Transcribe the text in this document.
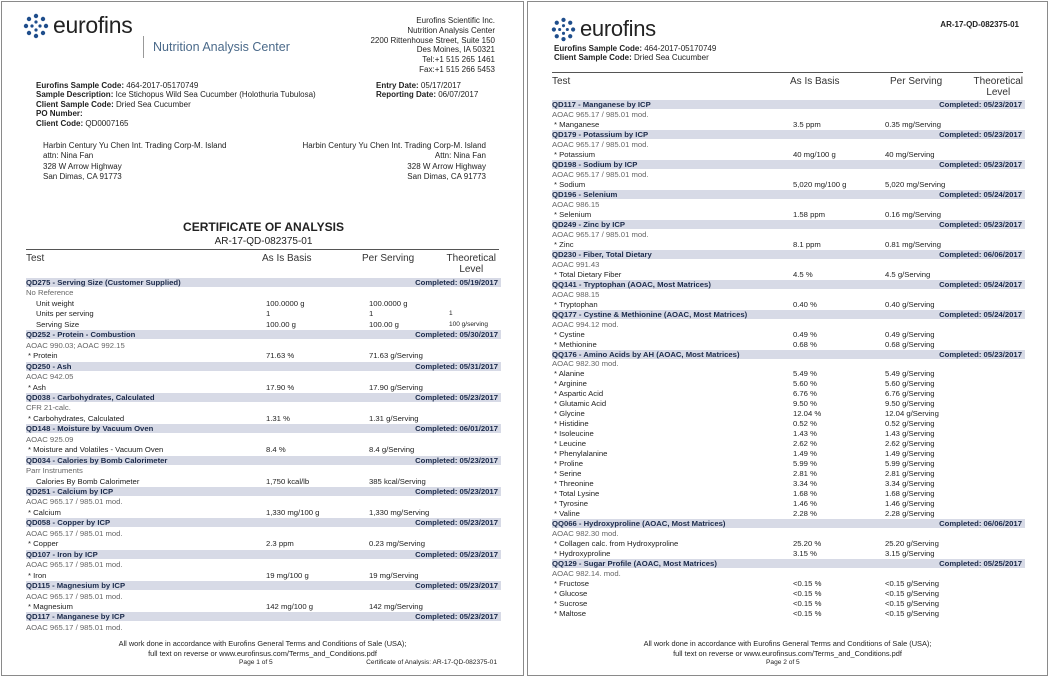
eurofins
Nutrition Analysis Center
Eurofins Scientific Inc.
Nutrition Analysis Center
2200 Rittenhouse Street, Suite 150
Des Moines, IA 50321
Tel:+1 515 265 1461
Fax:+1 515 266 5453
Eurofins Sample Code: 464-2017-05170749
Sample Description: Ice Stichopus Wild Sea Cucumber (Holothuria Tubulosa)
Client Sample Code: Dried Sea Cucumber
PO Number:
Client Code: QD0007165
Entry Date: 05/17/2017
Reporting Date: 06/07/2017
Harbin Century Yu Chen Int. Trading Corp-M. Island
attn: Nina Fan
328 W Arrow Highway
San Dimas, CA 91773
Harbin Century Yu Chen Int. Trading Corp-M. Island
Attn: Nina Fan
328 W Arrow Highway
San Dimas, CA 91773
CERTIFICATE OF ANALYSIS
AR-17-QD-082375-01
Test	As Is Basis	Per Serving	Theoretical
Level
QD275 - Serving Size (Customer Supplied)	Completed: 05/19/2017
No Reference
Unit weight	100.0000 g	100.0000 g
Units per serving	1	1	1
Serving Size	100.00 g	100.00 g	100 g/serving
QD252 - Protein - Combustion	Completed: 05/30/2017
AOAC 990.03; AOAC 992.15
* Protein	71.63 %	71.63 g/Serving
QD250 - Ash	Completed: 05/31/2017
AOAC 942.05
* Ash	17.90 %	17.90 g/Serving
QD038 - Carbohydrates, Calculated	Completed: 05/23/2017
CFR 21-calc.
* Carbohydrates, Calculated	1.31 %	1.31 g/Serving
QD148 - Moisture by Vacuum Oven	Completed: 06/01/2017
AOAC 925.09
* Moisture and Volatiles - Vacuum Oven	8.4 %	8.4 g/Serving
QD034 - Calories by Bomb Calorimeter	Completed: 05/23/2017
Parr Instruments
Calories By Bomb Calorimeter	1,750 kcal/lb	385 kcal/Serving
QD251 - Calcium by ICP	Completed: 05/23/2017
AOAC 965.17 / 985.01 mod.
* Calcium	1,330 mg/100 g	1,330 mg/Serving
QD058 - Copper by ICP	Completed: 05/23/2017
AOAC 965.17 / 985.01 mod.
* Copper	2.3 ppm	0.23 mg/Serving
QD107 - Iron by ICP	Completed: 05/23/2017
AOAC 965.17 / 985.01 mod.
* Iron	19 mg/100 g	19 mg/Serving
QD115 - Magnesium by ICP	Completed: 05/23/2017
AOAC 965.17 / 985.01 mod.
* Magnesium	142 mg/100 g	142 mg/Serving
QD117 - Manganese by ICP	Completed: 05/23/2017
AOAC 965.17 / 985.01 mod.
All work done in accordance with Eurofins General Terms and Conditions of Sale (USA);
full text on reverse or www.eurofinsus.com/Terms_and_Conditions.pdf
Page 1 of 5	Certificate of Analysis: AR-17-QD-082375-01
eurofins	AR-17-QD-082375-01
Eurofins Sample Code: 464-2017-05170749
Client Sample Code: Dried Sea Cucumber
Test	As Is Basis	Per Serving	Theoretical
Level
QD117 - Manganese by ICP	Completed: 05/23/2017
AOAC 965.17 / 985.01 mod.
* Manganese	3.5 ppm	0.35 mg/Serving
QD179 - Potassium by ICP	Completed: 05/23/2017
AOAC 965.17 / 985.01 mod.
* Potassium	40 mg/100 g	40 mg/Serving
QD198 - Sodium by ICP	Completed: 05/23/2017
AOAC 965.17 / 985.01 mod.
* Sodium	5,020 mg/100 g	5,020 mg/Serving
QD196 - Selenium	Completed: 05/24/2017
AOAC 986.15
* Selenium	1.58 ppm	0.16 mg/Serving
QD249 - Zinc by ICP	Completed: 05/23/2017
AOAC 965.17 / 985.01 mod.
* Zinc	8.1 ppm	0.81 mg/Serving
QD230 - Fiber, Total Dietary	Completed: 06/06/2017
AOAC 991.43
* Total Dietary Fiber	4.5 %	4.5 g/Serving
QQ141 - Tryptophan (AOAC, Most Matrices)	Completed: 05/24/2017
AOAC 988.15
* Tryptophan	0.40 %	0.40 g/Serving
QQ177 - Cystine & Methionine (AOAC, Most Matrices)	Completed: 05/24/2017
AOAC 994.12 mod.
* Cystine	0.49 %	0.49 g/Serving
* Methionine	0.68 %	0.68 g/Serving
QQ176 - Amino Acids by AH (AOAC, Most Matrices)	Completed: 05/23/2017
AOAC 982.30 mod.
* Alanine	5.49 %	5.49 g/Serving
* Arginine	5.60 %	5.60 g/Serving
* Aspartic Acid	6.76 %	6.76 g/Serving
* Glutamic Acid	9.50 %	9.50 g/Serving
* Glycine	12.04 %	12.04 g/Serving
* Histidine	0.52 %	0.52 g/Serving
* Isoleucine	1.43 %	1.43 g/Serving
* Leucine	2.62 %	2.62 g/Serving
* Phenylalanine	1.49 %	1.49 g/Serving
* Proline	5.99 %	5.99 g/Serving
* Serine	2.81 %	2.81 g/Serving
* Threonine	3.34 %	3.34 g/Serving
* Total Lysine	1.68 %	1.68 g/Serving
* Tyrosine	1.46 %	1.46 g/Serving
* Valine	2.28 %	2.28 g/Serving
QQ066 - Hydroxyproline (AOAC, Most Matrices)	Completed: 06/06/2017
AOAC 982.30 mod.
* Collagen calc. from Hydroxyproline	25.20 %	25.20 g/Serving
* Hydroxyproline	3.15 %	3.15 g/Serving
QQ129 - Sugar Profile (AOAC, Most Matrices)	Completed: 05/25/2017
AOAC 982.14. mod.
* Fructose	<0.15 %	<0.15 g/Serving
* Glucose	<0.15 %	<0.15 g/Serving
* Sucrose	<0.15 %	<0.15 g/Serving
* Maltose	<0.15 %	<0.15 g/Serving
All work done in accordance with Eurofins General Terms and Conditions of Sale (USA);
full text on reverse or www.eurofinsus.com/Terms_and_Conditions.pdf
Page 2 of 5
